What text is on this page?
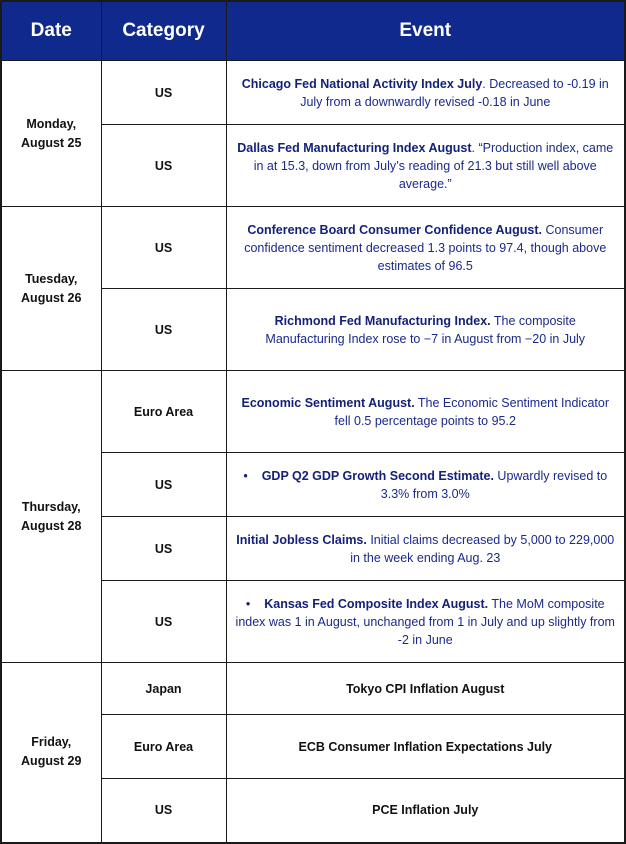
Date	Category	Event
Monday,
August 25	US	Chicago Fed National Activity Index July. Decreased to -0.19 in July from a downwardly revised -0.18 in June
	US	Dallas Fed Manufacturing Index August. “Production index, came in at 15.3, down from July’s reading of 21.3 but still well above average.”
Tuesday,
August 26	US	Conference Board Consumer Confidence August. Consumer confidence sentiment decreased 1.3 points to 97.4, though above estimates of 96.5
	US	Richmond Fed Manufacturing Index. The composite Manufacturing Index rose to −7 in August from −20 in July
Thursday,
August 28	Euro Area	Economic Sentiment August. The Economic Sentiment Indicator fell 0.5 percentage points to 95.2
	US	• GDP Q2 GDP Growth Second Estimate. Upwardly revised to 3.3% from 3.0%
	US	Initial Jobless Claims. Initial claims decreased by 5,000 to 229,000 in the week ending Aug. 23
	US	• Kansas Fed Composite Index August. The MoM composite index was 1 in August, unchanged from 1 in July and up slightly from -2 in June
Friday,
August 29	Japan	Tokyo CPI Inflation August
	Euro Area	ECB Consumer Inflation Expectations July
	US	PCE Inflation July
